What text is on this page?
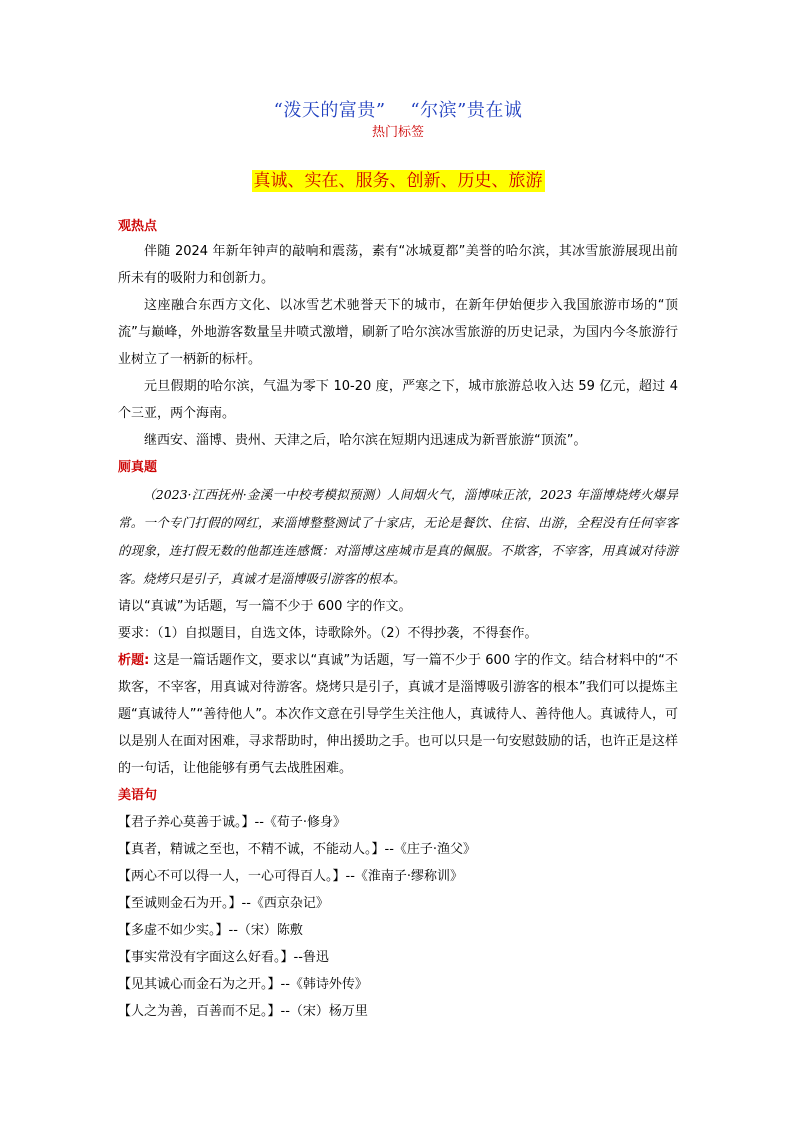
“泼天的富贵”    “尔滨”贵在诚
热门标签
真诚、实在、服务、创新、历史、旅游
观热点

伴随 2024 年新年钟声的敲响和震荡，素有“冰城夏都”美誉的哈尔滨，其冰雪旅游展现出前所未有的吸附力和创新力。

这座融合东西方文化、以冰雪艺术驰誉天下的城市，在新年伊始便步入我国旅游市场的“顶流”与巅峰，外地游客数量呈井喷式激增，刷新了哈尔滨冰雪旅游的历史记录，为国内今冬旅游行业树立了一柄新的标杆。

元旦假期的哈尔滨，气温为零下 10-20 度，严寒之下，城市旅游总收入达 59 亿元，超过 4 个三亚，两个海南。

继西安、淄博、贵州、天津之后，哈尔滨在短期内迅速成为新晋旅游“顶流”。

厕真题

（2023·江西抚州·金溪一中校考模拟预测）人间烟火气，淄博味正浓，2023 年淄博烧烤火爆异常。一个专门打假的网红，来淄博整整测试了十家店，无论是餐饮、住宿、出游，全程没有任何宰客的现象，连打假无数的他都连连感慨：对淄博这座城市是真的佩服。不欺客，不宰客，用真诚对待游客。烧烤只是引子，真诚才是淄博吸引游客的根本。

请以“真诚”为话题，写一篇不少于 600 字的作文。

要求：（1）自拟题目，自选文体，诗歌除外。（2）不得抄袭，不得套作。

析题: 这是一篇话题作文，要求以“真诚”为话题，写一篇不少于 600 字的作文。结合材料中的“不欺客，不宰客，用真诚对待游客。烧烤只是引子，真诚才是淄博吸引游客的根本”我们可以提炼主题“真诚待人”“善待他人”。本次作文意在引导学生关注他人，真诚待人、善待他人。真诚待人，可以是别人在面对困难，寻求帮助时，伸出援助之手。也可以只是一句安慰鼓励的话，也许正是这样的一句话，让他能够有勇气去战胜困难。

美语句

【君子养心莫善于诚。】--《荀子·修身》

【真者，精诚之至也，不精不诚，不能动人。】--《庄子·渔父》

【两心不可以得一人，一心可得百人。】--《淮南子·缪称训》

【至诚则金石为开。】--《西京杂记》

【多虚不如少实。】--（宋）陈敷

【事实常没有字面这么好看。】--鲁迅

【见其诚心而金石为之开。】--《韩诗外传》

【人之为善，百善而不足。】--（宋）杨万里
